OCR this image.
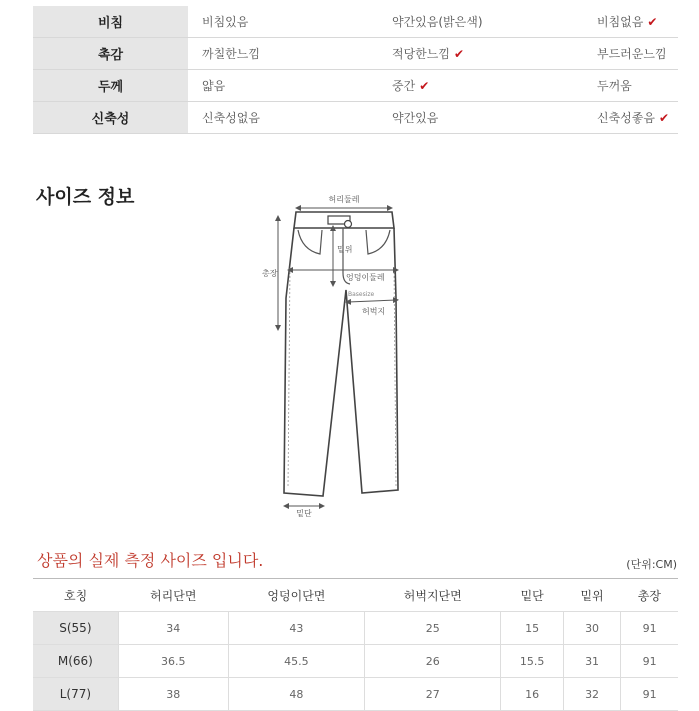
비침	비침있음	약간있음(밝은색)	비침없음 ✔
촉감	까칠한느낌	적당한느낌 ✔	부드러운느낌
두께	얇음	중간 ✔	두꺼움
신축성	신축성없음	약간있음	신축성좋음 ✔
사이즈 정보	허리둘레
밑위
엉덩이둘레
Basesize
허벅지
총장
밑단
상품의 실제 측정 사이즈 입니다.	(단위:CM)
호칭	허리단면	엉덩이단면	허벅지단면	밑단	밑위	총장
S(55)	34	43	25	15	30	91
M(66)	36.5	45.5	26	15.5	31	91
L(77)	38	48	27	16	32	91
